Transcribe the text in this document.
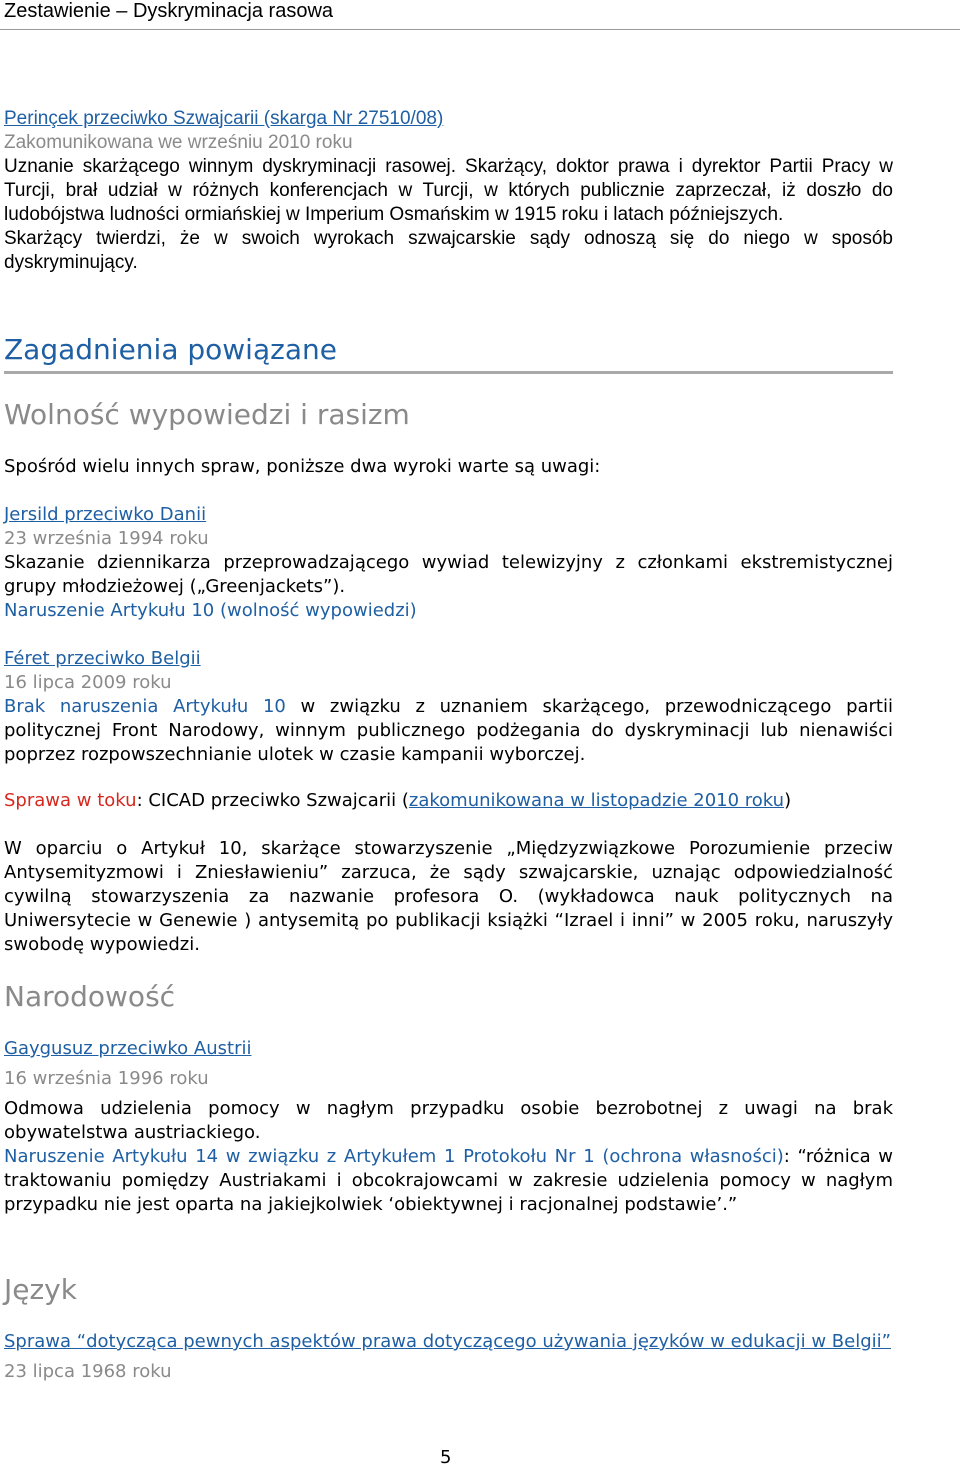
Zestawienie – Dyskryminacja rasowa
Perinçek przeciwko Szwajcarii (skarga Nr 27510/08)
Zakomunikowana we wrześniu 2010 roku

Uznanie skarżącego winnym dyskryminacji rasowej. Skarżący, doktor prawa i dyrektor Partii Pracy w Turcji, brał udział w różnych konferencjach w Turcji, w których publicznie zaprzeczał, iż doszło do ludobójstwa ludności ormiańskiej w Imperium Osmańskim w 1915 roku i latach późniejszych.

Skarżący twierdzi, że w swoich wyrokach szwajcarskie sądy odnoszą się do niego w sposób dyskryminujący.

Zagadnienia powiązane
Wolność wypowiedzi i rasizm
Spośród wielu innych spraw, poniższe dwa wyroki warte są uwagi:
Jersild przeciwko Danii
23 września 1994 roku

Skazanie dziennikarza przeprowadzającego wywiad telewizyjny z członkami ekstremistycznej grupy młodzieżowej („Greenjackets”).

Naruszenie Artykułu 10 (wolność wypowiedzi)
Féret przeciwko Belgii
16 lipca 2009 roku

Brak naruszenia Artykułu 10 w związku z uznaniem skarżącego, przewodniczącego partii politycznej Front Narodowy, winnym publicznego podżegania do dyskryminacji lub nienawiści poprzez rozpowszechnianie ulotek w czasie kampanii wyborczej.

Sprawa w toku: CICAD przeciwko Szwajcarii (zakomunikowana w listopadzie 2010 roku)

W oparciu o Artykuł 10, skarżące stowarzyszenie „Międzyzwiązkowe Porozumienie przeciw Antysemityzmowi i Zniesławieniu” zarzuca, że sądy szwajcarskie, uznając odpowiedzialność cywilną stowarzyszenia za nazwanie profesora O. (wykładowca nauk politycznych na Uniwersytecie w Genewie ) antysemitą po publikacji książki “Izrael i inni” w 2005 roku, naruszyły swobodę wypowiedzi.

Narodowość
Gaygusuz przeciwko Austrii
16 września 1996 roku

Odmowa udzielenia pomocy w nagłym przypadku osobie bezrobotnej z uwagi na brak obywatelstwa austriackiego.

Naruszenie Artykułu 14 w związku z Artykułem 1 Protokołu Nr 1 (ochrona własności): “różnica w traktowaniu pomiędzy Austriakami i obcokrajowcami w zakresie udzielenia pomocy w nagłym przypadku nie jest oparta na jakiejkolwiek ‘obiektywnej i racjonalnej podstawie’.”

Język
Sprawa “dotycząca pewnych aspektów prawa dotyczącego używania języków w edukacji w Belgii”
23 lipca 1968 roku
5
